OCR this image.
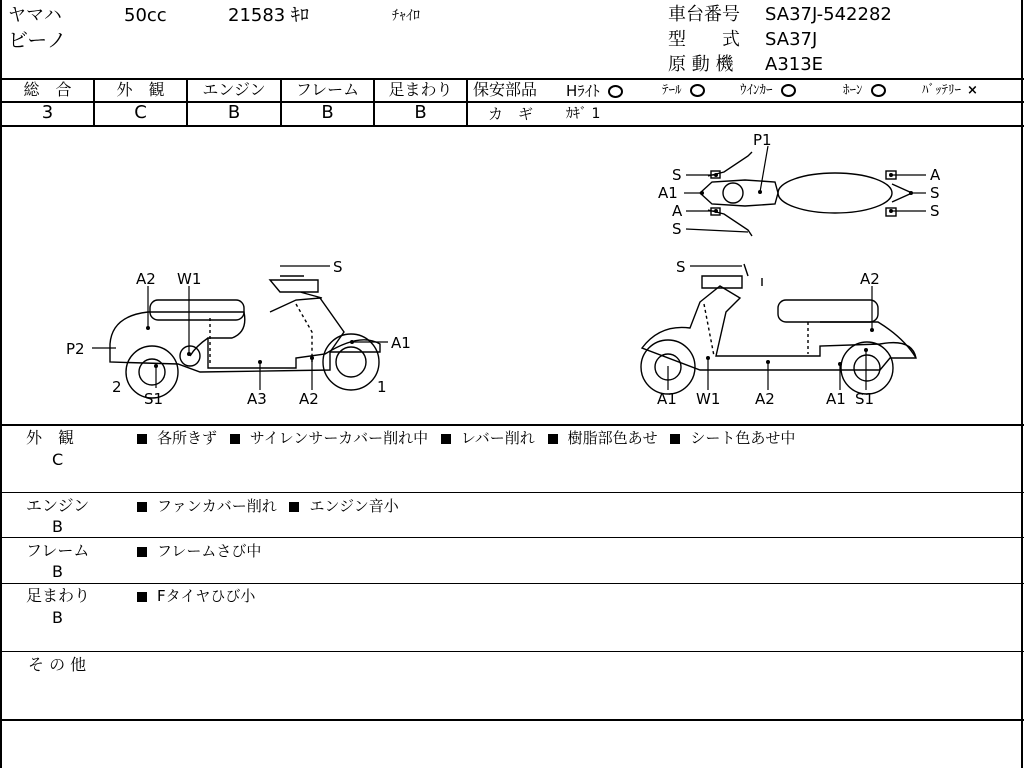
ヤマハ	50cc	21583 ｷﾛ	ﾁｬｲﾛ
ビーノ
車台番号 SA37J-542282
型　　式 SA37J
原 動 機 A313E
総　合	外　観	エンジン	フレーム	足まわり
3	C	B	B	B
保安部品 Hﾗｲﾄ	ﾃｰﾙ	ｳｲﾝｶｰ	ﾎｰﾝ	ﾊﾞｯﾃﾘｰ ×
カ　ギ ｶｷﾞ 1
S
A2 W1
P2	A1
2
S1	A3 A2
1
S
A2
A1 W1 A2	A1 S1
P1
S	A
A1	S
A	S
S
外　観
C
各所きず サイレンサーカバー削れ中 レバー削れ 樹脂部色あせ シート色あせ中
エンジン
B
ファンカバー削れ エンジン音小
フレーム
B
フレームさび中
足まわり
B
Fタイヤひび小
そ の 他
